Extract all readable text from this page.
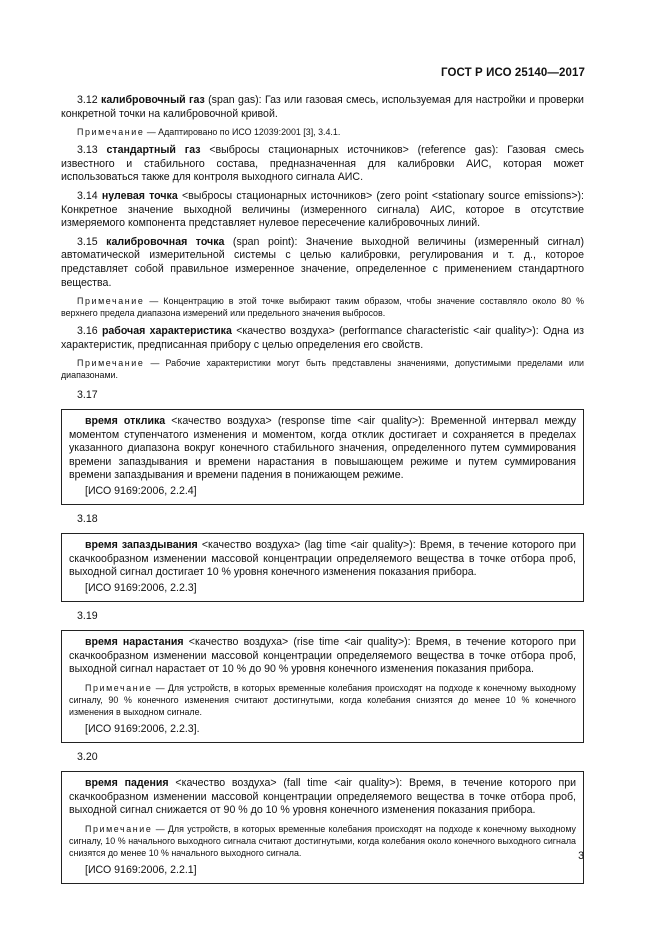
ГОСТ Р ИСО 25140—2017

3.12 калибровочный газ (span gas): Газ или газовая смесь, используемая для настройки и проверки конкретной точки на калибровочной кривой.

Примечание — Адаптировано по ИСО 12039:2001 [3], 3.4.1.

3.13 стандартный газ <выбросы стационарных источников> (reference gas): Газовая смесь известного и стабильного состава, предназначенная для калибровки АИС, которая может использоваться также для контроля выходного сигнала АИС.

3.14 нулевая точка <выбросы стационарных источников> (zero point <stationary source emissions>): Конкретное значение выходной величины (измеренного сигнала) АИС, которое в отсутствие измеряемого компонента представляет нулевое пересечение калибровочных линий.

3.15 калибровочная точка (span point): Значение выходной величины (измеренный сигнал) автоматической измерительной системы с целью калибровки, регулирования и т. д., которое представляет собой правильное измеренное значение, определенное с применением стандартного вещества.

Примечание — Концентрацию в этой точке выбирают таким образом, чтобы значение составляло около 80 % верхнего предела диапазона измерений или предельного значения выбросов.

3.16 рабочая характеристика <качество воздуха> (performance characteristic <air quality>): Одна из характеристик, предписанная прибору с целью определения его свойств.

Примечание — Рабочие характеристики могут быть представлены значениями, допустимыми пределами или диапазонами.

3.17

время отклика <качество воздуха> (response time <air quality>): Временной интервал между моментом ступенчатого изменения и моментом, когда отклик достигает и сохраняется в пределах указанного диапазона вокруг конечного стабильного значения, определенного путем суммирования времени запаздывания и времени нарастания в повышающем режиме и путем суммирования времени запаздывания и времени падения в понижающем режиме.

[ИСО 9169:2006, 2.2.4]

3.18

время запаздывания <качество воздуха> (lag time <air quality>): Время, в течение которого при скачкообразном изменении массовой концентрации определяемого вещества в точке отбора проб, выходной сигнал достигает 10 % уровня конечного изменения показания прибора.

[ИСО 9169:2006, 2.2.3]

3.19

время нарастания <качество воздуха> (rise time <air quality>): Время, в течение которого при скачкообразном изменении массовой концентрации определяемого вещества в точке отбора проб, выходной сигнал нарастает от 10 % до 90 % уровня конечного изменения показания прибора.

Примечание — Для устройств, в которых временные колебания происходят на подходе к конечному выходному сигналу, 90 % конечного изменения считают достигнутыми, когда колебания снизятся до менее 10 % конечного изменения в выходном сигнале.

[ИСО 9169:2006, 2.2.3].

3.20

время падения <качество воздуха> (fall time <air quality>): Время, в течение которого при скачкообразном изменении массовой концентрации определяемого вещества в точке отбора проб, выходной сигнал снижается от 90 % до 10 % уровня конечного изменения показания прибора.

Примечание — Для устройств, в которых временные колебания происходят на подходе к конечному выходному сигналу, 10 % начального выходного сигнала считают достигнутыми, когда колебания около конечного выходного сигнала снизятся до менее 10 % начального выходного сигнала.

[ИСО 9169:2006, 2.2.1]

3
